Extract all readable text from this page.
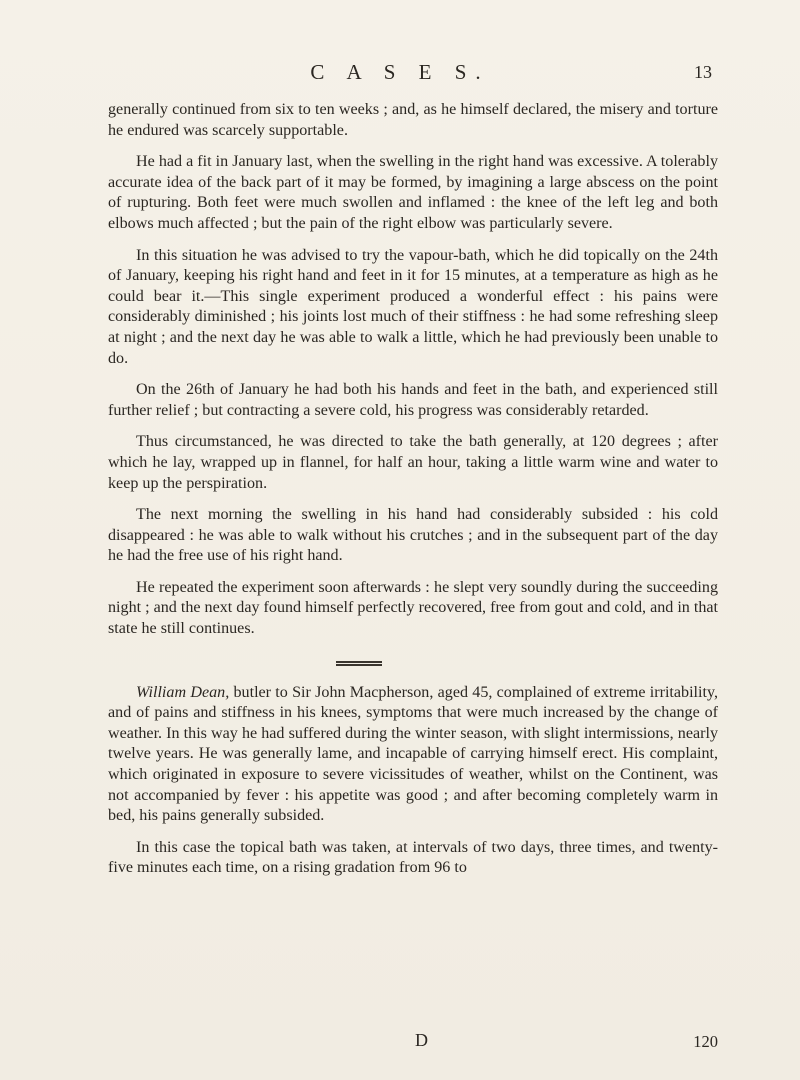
C A S E S.	13

generally continued from six to ten weeks ; and, as he himself declared, the misery and torture he endured was scarcely supportable.

He had a fit in January last, when the swelling in the right hand was excessive. A tolerably accurate idea of the back part of it may be formed, by imagining a large abscess on the point of rupturing. Both feet were much swollen and inflamed : the knee of the left leg and both elbows much affected ; but the pain of the right elbow was particularly severe.

In this situation he was advised to try the vapour-bath, which he did topically on the 24th of January, keeping his right hand and feet in it for 15 minutes, at a temperature as high as he could bear it.—This single experiment produced a wonderful effect : his pains were considerably diminished ; his joints lost much of their stiffness : he had some refreshing sleep at night ; and the next day he was able to walk a little, which he had previously been unable to do.

On the 26th of January he had both his hands and feet in the bath, and experienced still further relief ; but contracting a severe cold, his progress was considerably retarded.

Thus circumstanced, he was directed to take the bath generally, at 120 degrees ; after which he lay, wrapped up in flannel, for half an hour, taking a little warm wine and water to keep up the perspiration.

The next morning the swelling in his hand had considerably subsided : his cold disappeared : he was able to walk without his crutches ; and in the subsequent part of the day he had the free use of his right hand.

He repeated the experiment soon afterwards : he slept very soundly during the succeeding night ; and the next day found himself perfectly recovered, free from gout and cold, and in that state he still continues.

William Dean, butler to Sir John Macpherson, aged 45, complained of extreme irritability, and of pains and stiffness in his knees, symptoms that were much increased by the change of weather. In this way he had suffered during the winter season, with slight intermissions, nearly twelve years. He was generally lame, and incapable of carrying himself erect. His complaint, which originated in exposure to severe vicissitudes of weather, whilst on the Continent, was not accompanied by fever : his appetite was good ; and after becoming completely warm in bed, his pains generally subsided.

In this case the topical bath was taken, at intervals of two days, three times, and twenty-five minutes each time, on a rising gradation from 96 to

D	120
